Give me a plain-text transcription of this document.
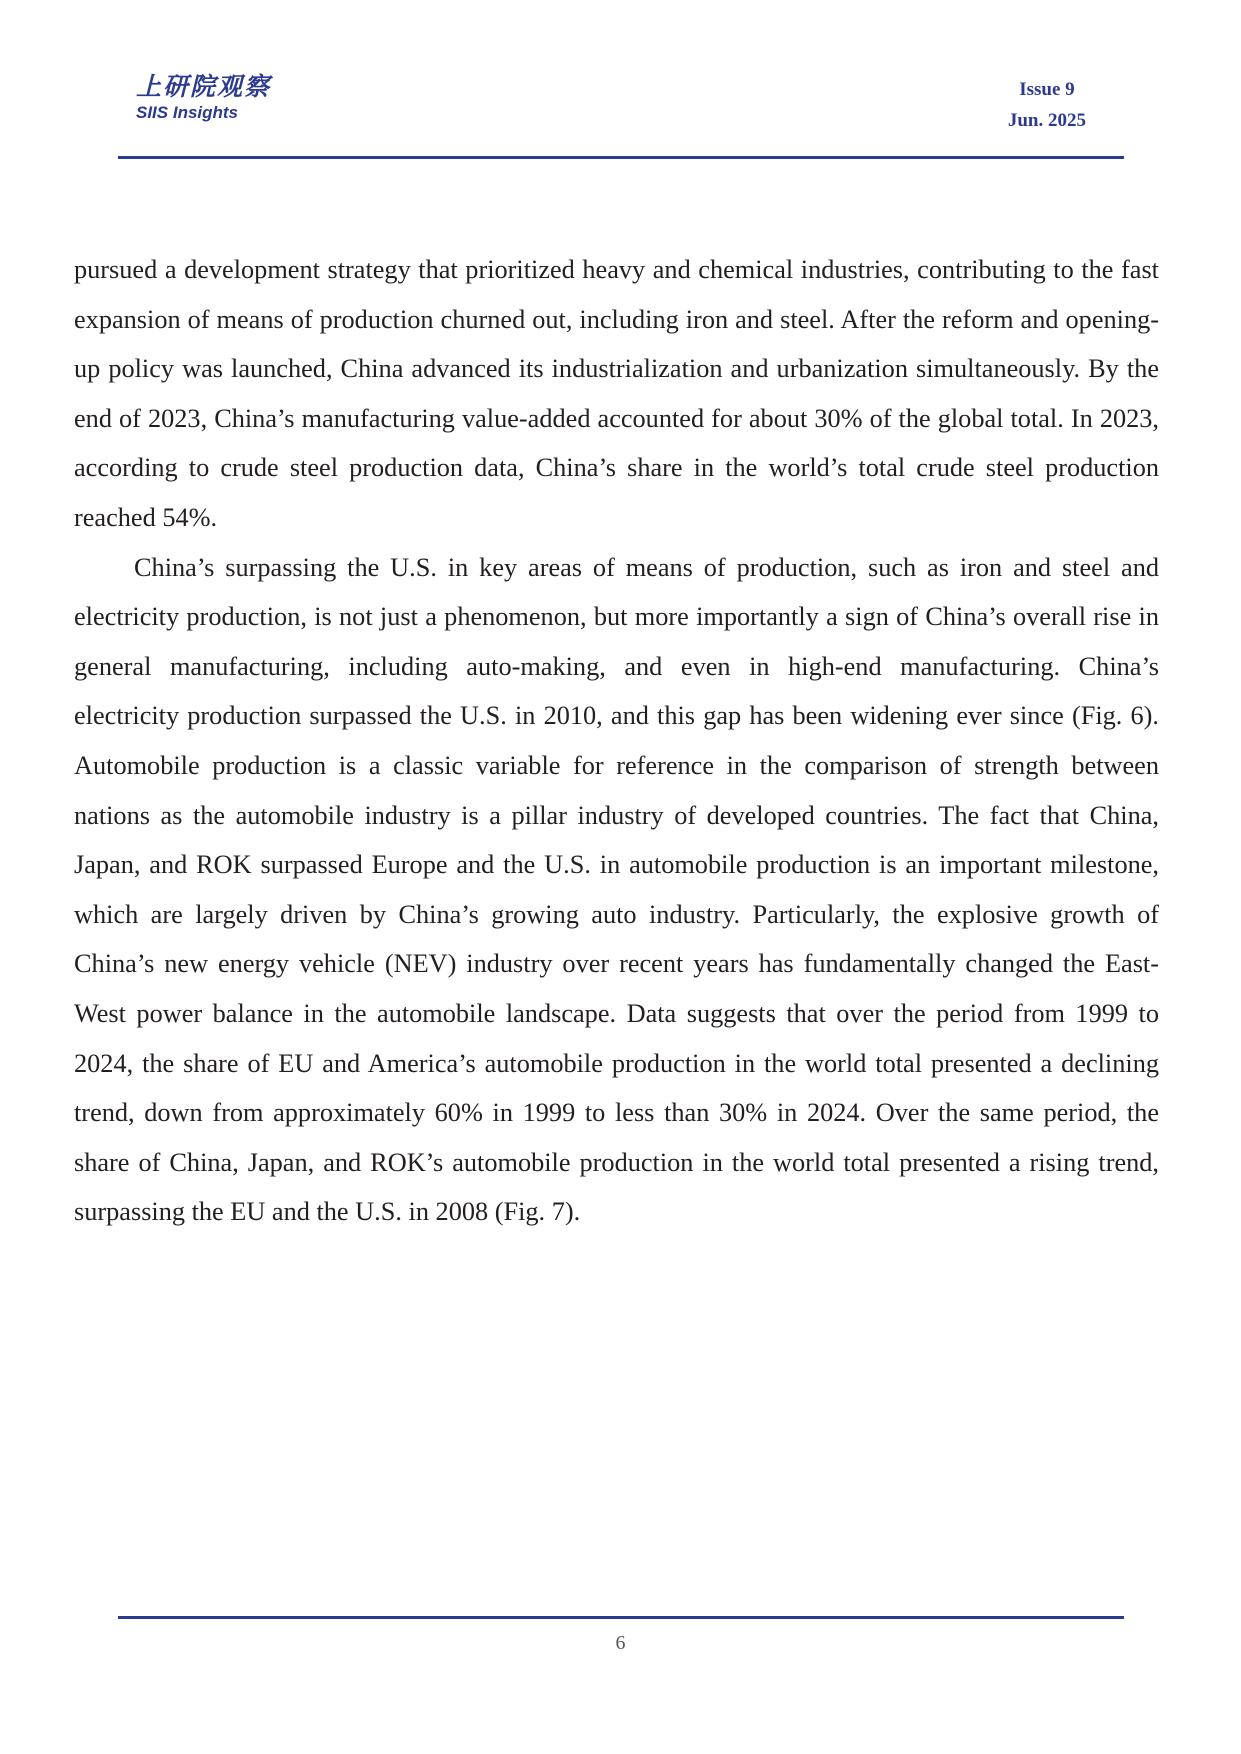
上研院观察
SIIS Insights
Issue 9
Jun. 2025

pursued a development strategy that prioritized heavy and chemical industries, contributing to the fast expansion of means of production churned out, including iron and steel. After the reform and opening-up policy was launched, China advanced its industrialization and urbanization simultaneously. By the end of 2023, China’s manufacturing value-added accounted for about 30% of the global total. In 2023, according to crude steel production data, China’s share in the world’s total crude steel production reached 54%.

China’s surpassing the U.S. in key areas of means of production, such as iron and steel and electricity production, is not just a phenomenon, but more importantly a sign of China’s overall rise in general manufacturing, including auto-making, and even in high-end manufacturing. China’s electricity production surpassed the U.S. in 2010, and this gap has been widening ever since (Fig. 6). Automobile production is a classic variable for reference in the comparison of strength between nations as the automobile industry is a pillar industry of developed countries. The fact that China, Japan, and ROK surpassed Europe and the U.S. in automobile production is an important milestone, which are largely driven by China’s growing auto industry. Particularly, the explosive growth of China’s new energy vehicle (NEV) industry over recent years has fundamentally changed the East-West power balance in the automobile landscape. Data suggests that over the period from 1999 to 2024, the share of EU and America’s automobile production in the world total presented a declining trend, down from approximately 60% in 1999 to less than 30% in 2024. Over the same period, the share of China, Japan, and ROK’s automobile production in the world total presented a rising trend, surpassing the EU and the U.S. in 2008 (Fig. 7).

6
